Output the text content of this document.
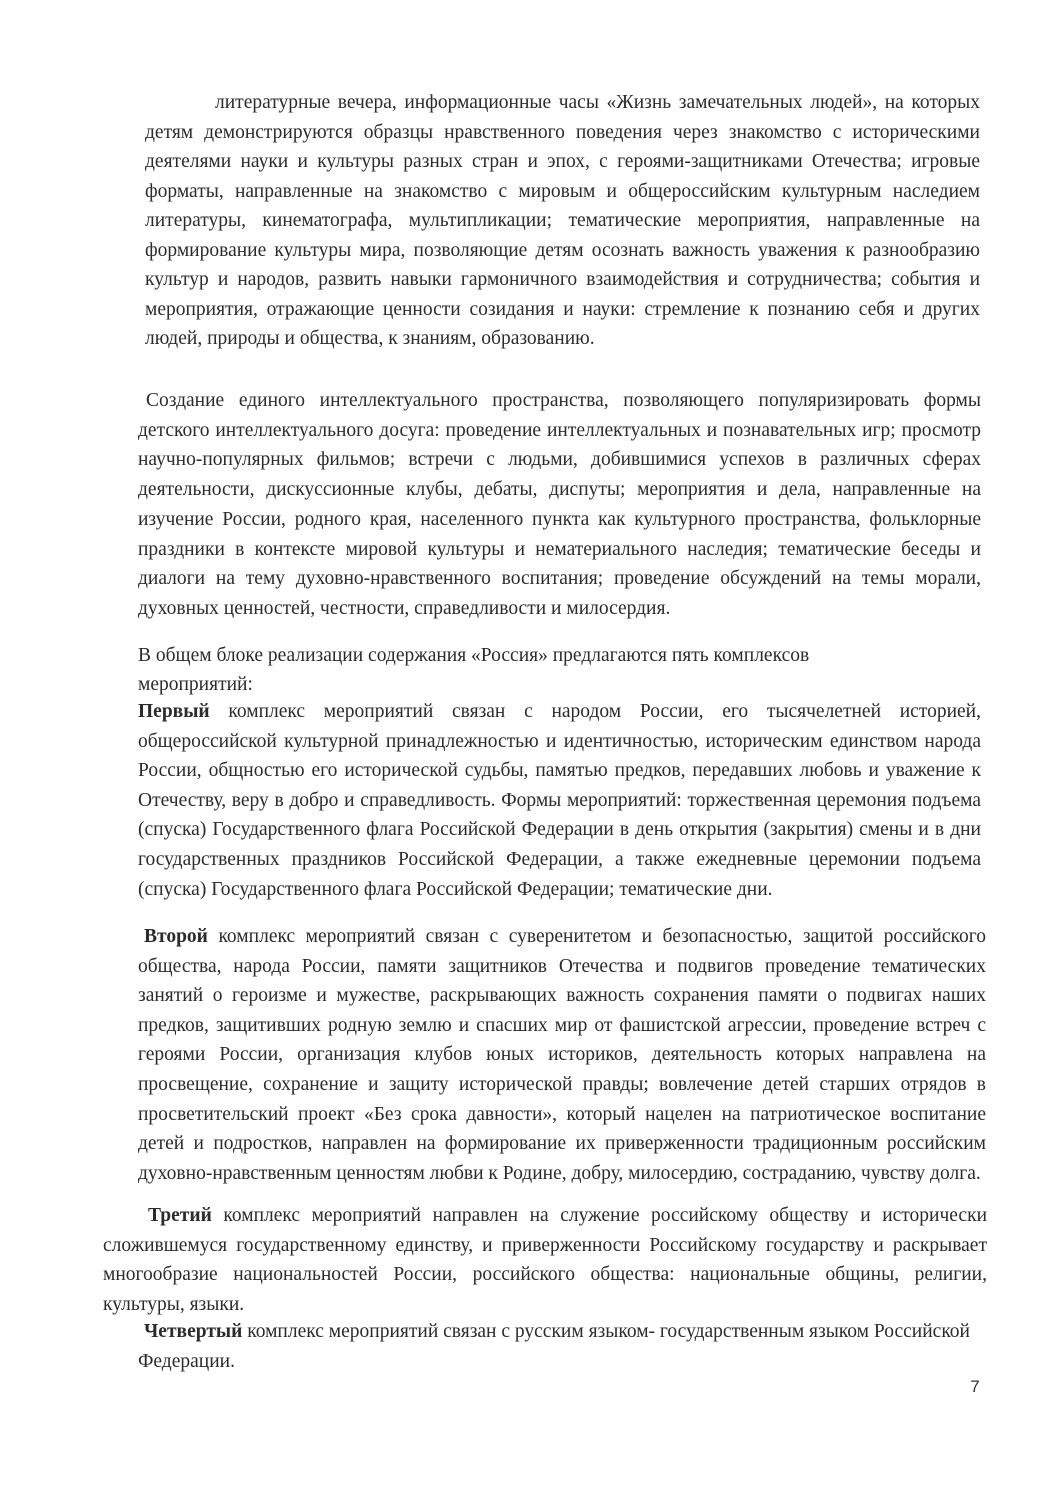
литературные вечера, информационные часы «Жизнь замечательных людей», на которых детям демонстрируются образцы нравственного поведения через знакомство с историческими деятелями науки и культуры разных стран и эпох, с героями-защитниками Отечества; игровые форматы, направленные на знакомство с мировым и общероссийским культурным наследием литературы, кинематографа, мультипликации; тематические мероприятия, направленные на формирование культуры мира, позволяющие детям осознать важность уважения к разнообразию культур и народов, развить навыки гармоничного взаимодействия и сотрудничества; события и мероприятия, отражающие ценности созидания и науки: стремление к познанию себя и других людей, природы и общества, к знаниям, образованию.

Создание единого интеллектуального пространства, позволяющего популяризировать формы детского интеллектуального досуга: проведение интеллектуальных и познавательных игр; просмотр научно-популярных фильмов; встречи с людьми, добившимися успехов в различных сферах деятельности, дискуссионные клубы, дебаты, диспуты; мероприятия и дела, направленные на изучение России, родного края, населенного пункта как культурного пространства, фольклорные праздники в контексте мировой культуры и нематериального наследия; тематические беседы и диалоги на тему духовно-нравственного воспитания; проведение обсуждений на темы морали, духовных ценностей, честности, справедливости и милосердия.

В общем блоке реализации содержания «Россия» предлагаются пять комплексов
мероприятий:

Первый комплекс мероприятий связан с народом России, его тысячелетней историей, общероссийской культурной принадлежностью и идентичностью, историческим единством народа России, общностью его исторической судьбы, памятью предков, передавших любовь и уважение к Отечеству, веру в добро и справедливость. Формы мероприятий: торжественная церемония подъема (спуска) Государственного флага Российской Федерации в день открытия (закрытия) смены и в дни государственных праздников Российской Федерации, а также ежедневные церемонии подъема (спуска) Государственного флага Российской Федерации; тематические дни.

Второй комплекс мероприятий связан с суверенитетом и безопасностью, защитой российского общества, народа России, памяти защитников Отечества и подвигов проведение тематических занятий о героизме и мужестве, раскрывающих важность сохранения памяти о подвигах наших предков, защитивших родную землю и спасших мир от фашистской агрессии, проведение встреч с героями России, организация клубов юных историков, деятельность которых направлена на просвещение, сохранение и защиту исторической правды; вовлечение детей старших отрядов в просветительский проект «Без срока давности», который нацелен на патриотическое воспитание детей и подростков, направлен на формирование их приверженности традиционным российским духовно-нравственным ценностям любви к Родине, добру, милосердию, состраданию, чувству долга.

Третий комплекс мероприятий направлен на служение российскому обществу и исторически сложившемуся государственному единству, и приверженности Российскому государству и раскрывает многообразие национальностей России, российского общества: национальные общины, религии, культуры, языки.

Четвертый комплекс мероприятий связан с русским языком- государственным языком Российской Федерации.

7
